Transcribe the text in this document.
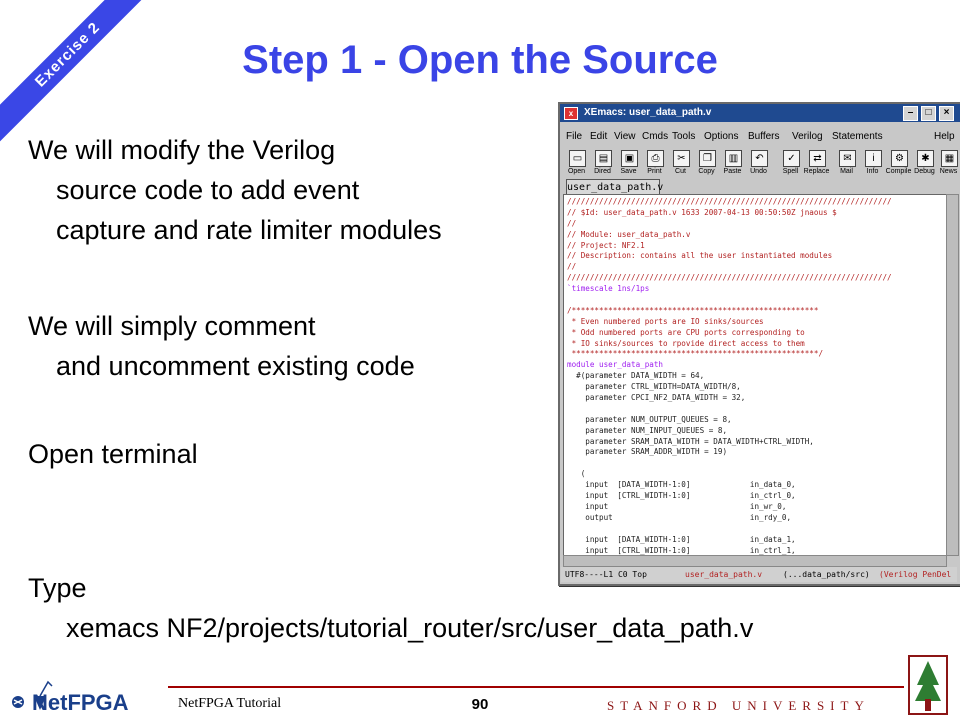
Exercise 2	Step 1 - Open the Source
We will modify the Verilog
source code to add event
capture and rate limiter modules
We will simply comment
and uncomment existing code
Open terminal
Type
xemacs NF2/projects/tutorial_router/src/user_data_path.v
x	XEmacs: user_data_path.v	–	□	×
File Edit View Cmds Tools Options Buffers Verilog Statements	Help
▭
Open
▤
Dired
▣
Save
⎙
Print
✂
Cut
❐
Copy
▥
Paste
↶
Undo
✓
Spell
⇄
Replace
✉
Mail
i
Info
⚙
Compile
✱
Debug
▦
News
user_data_path.v
///////////////////////////////////////////////////////////////////////
// $Id: user_data_path.v 1633 2007-04-13 00:50:50Z jnaous $
//
// Module: user_data_path.v
// Project: NF2.1
// Description: contains all the user instantiated modules
//
///////////////////////////////////////////////////////////////////////
`timescale 1ns/1ps
/******************************************************
* Even numbered ports are IO sinks/sources
* Odd numbered ports are CPU ports corresponding to
* IO sinks/sources to rpovide direct access to them
******************************************************/
module user_data_path
#(parameter DATA_WIDTH = 64,
parameter CTRL_WIDTH=DATA_WIDTH/8,
parameter CPCI_NF2_DATA_WIDTH = 32,
parameter NUM_OUTPUT_QUEUES = 8,
parameter NUM_INPUT_QUEUES = 8,
parameter SRAM_DATA_WIDTH = DATA_WIDTH+CTRL_WIDTH,
parameter SRAM_ADDR_WIDTH = 19)
(
input  [DATA_WIDTH-1:0]             in_data_0,
input  [CTRL_WIDTH-1:0]             in_ctrl_0,
input                               in_wr_0,
output                              in_rdy_0,
input  [DATA_WIDTH-1:0]             in_data_1,
input  [CTRL_WIDTH-1:0]             in_ctrl_1,
UTF8----L1 C0 Top	user_data_path.v	(...data_path/src) (Verilog PenDel
NetFPGA	NetFPGA Tutorial	90	STANFORD UNIVERSITY
